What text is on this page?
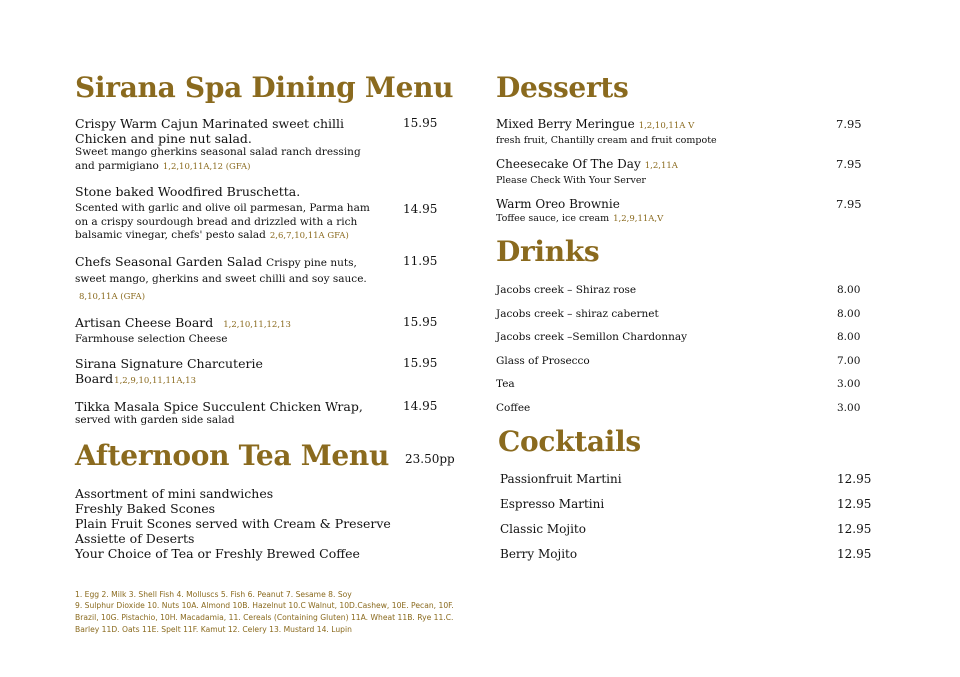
Sirana Spa Dining Menu
Crispy Warm Cajun Marinated sweet chilli Chicken and pine nut salad.
Sweet mango gherkins seasonal salad ranch dressing and parmigiano 1,2,10,11A,12 (GFA)
15.95
Stone baked Woodfired Bruschetta.
Scented with garlic and olive oil parmesan, Parma ham on a crispy sourdough bread and drizzled with a rich balsamic vinegar, chefs' pesto salad 2,6,7,10,11A GFA)
14.95
Chefs Seasonal Garden Salad Crispy pine nuts, sweet mango, gherkins and sweet chilli and soy sauce. 8,10,11A (GFA)
11.95
Artisan Cheese Board 1,2,10,11,12,13
Farmhouse selection Cheese
15.95
Sirana Signature Charcuterie Board1,2,9,10,11,11A,13
15.95
Tikka Masala Spice Succulent Chicken Wrap,
served with garden side salad
14.95
Afternoon Tea Menu	23.50pp
Assortment of mini sandwiches
Freshly Baked Scones
Plain Fruit Scones served with Cream & Preserve
Assiette of Deserts
Your Choice of Tea or Freshly Brewed Coffee
1. Egg 2. Milk 3. Shell Fish 4. Molluscs 5. Fish 6. Peanut 7. Sesame 8. Soy
9. Sulphur Dioxide 10. Nuts 10A. Almond 10B. Hazelnut 10.C Walnut, 10D.Cashew, 10E. Pecan, 10F.
Brazil, 10G. Pistachio, 10H. Macadamia, 11. Cereals (Containing Gluten) 11A. Wheat 11B. Rye 11.C.
Barley 11D. Oats 11E. Spelt 11F. Kamut 12. Celery 13. Mustard 14. Lupin
Desserts
Mixed Berry Meringue 1,2,10,11A V
fresh fruit, Chantilly cream and fruit compote
7.95
Cheesecake Of The Day 1,2,11A
Please Check With Your Server
7.95
Warm Oreo Brownie
Toffee sauce, ice cream 1,2,9,11A,V
7.95
Drinks
Jacobs creek – Shiraz rose	8.00
Jacobs creek – shiraz cabernet	8.00
Jacobs creek –Semillon Chardonnay	8.00
Glass of Prosecco	7.00
Tea	3.00
Coffee	3.00
Cocktails
Passionfruit Martini	12.95
Espresso Martini	12.95
Classic Mojito	12.95
Berry Mojito	12.95
